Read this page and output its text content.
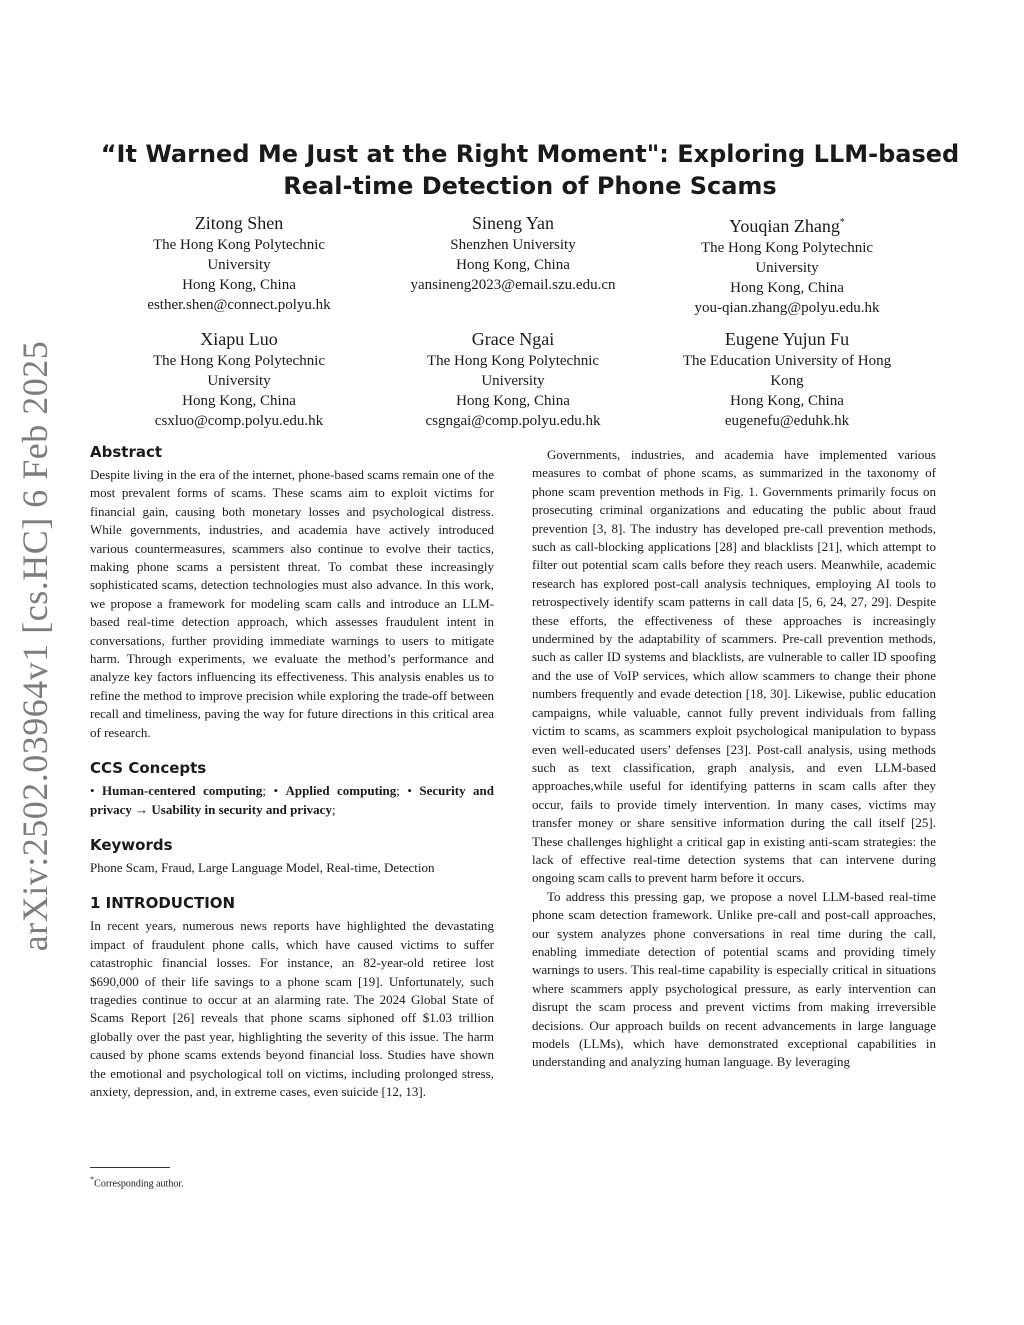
arXiv:2502.03964v1 [cs.HC] 6 Feb 2025
“It Warned Me Just at the Right Moment": Exploring LLM-based
Real-time Detection of Phone Scams
Zitong Shen
The Hong Kong Polytechnic
University
Hong Kong, China
esther.shen@connect.polyu.hk
Sineng Yan
Shenzhen University
Hong Kong, China
yansineng2023@email.szu.edu.cn
Youqian Zhang*
The Hong Kong Polytechnic
University
Hong Kong, China
you-qian.zhang@polyu.edu.hk
Xiapu Luo
The Hong Kong Polytechnic
University
Hong Kong, China
csxluo@comp.polyu.edu.hk
Grace Ngai
The Hong Kong Polytechnic
University
Hong Kong, China
csgngai@comp.polyu.edu.hk
Eugene Yujun Fu
The Education University of Hong
Kong
Hong Kong, China
eugenefu@eduhk.hk
Abstract

Despite living in the era of the internet, phone-based scams remain one of the most prevalent forms of scams. These scams aim to exploit victims for financial gain, causing both monetary losses and psychological distress. While governments, industries, and academia have actively introduced various countermeasures, scammers also continue to evolve their tactics, making phone scams a persistent threat. To combat these increasingly sophisticated scams, detection technologies must also advance. In this work, we propose a framework for modeling scam calls and introduce an LLM-based real-time detection approach, which assesses fraudulent intent in conversations, further providing immediate warnings to users to mitigate harm. Through experiments, we evaluate the method’s performance and analyze key factors influencing its effectiveness. This analysis enables us to refine the method to improve precision while exploring the trade-off between recall and timeliness, paving the way for future directions in this critical area of research.

CCS Concepts

• Human-centered computing; • Applied computing; • Security and privacy → Usability in security and privacy;

Keywords

Phone Scam, Fraud, Large Language Model, Real-time, Detection

1 INTRODUCTION

In recent years, numerous news reports have highlighted the devastating impact of fraudulent phone calls, which have caused victims to suffer catastrophic financial losses. For instance, an 82-year-old retiree lost $690,000 of their life savings to a phone scam [19]. Unfortunately, such tragedies continue to occur at an alarming rate. The 2024 Global State of Scams Report [26] reveals that phone scams siphoned off $1.03 trillion globally over the past year, highlighting the severity of this issue. The harm caused by phone scams extends beyond financial loss. Studies have shown the emotional and psychological toll on victims, including prolonged stress, anxiety, depression, and, in extreme cases, even suicide [12, 13].

Governments, industries, and academia have implemented various measures to combat of phone scams, as summarized in the taxonomy of phone scam prevention methods in Fig. 1. Governments primarily focus on prosecuting criminal organizations and educating the public about fraud prevention [3, 8]. The industry has developed pre-call prevention methods, such as call-blocking applications [28] and blacklists [21], which attempt to filter out potential scam calls before they reach users. Meanwhile, academic research has explored post-call analysis techniques, employing AI tools to retrospectively identify scam patterns in call data [5, 6, 24, 27, 29]. Despite these efforts, the effectiveness of these approaches is increasingly undermined by the adaptability of scammers. Pre-call prevention methods, such as caller ID systems and blacklists, are vulnerable to caller ID spoofing and the use of VoIP services, which allow scammers to change their phone numbers frequently and evade detection [18, 30]. Likewise, public education campaigns, while valuable, cannot fully prevent individuals from falling victim to scams, as scammers exploit psychological manipulation to bypass even well-educated users’ defenses [23]. Post-call analysis, using methods such as text classification, graph analysis, and even LLM-based approaches,while useful for identifying patterns in scam calls after they occur, fails to provide timely intervention. In many cases, victims may transfer money or share sensitive information during the call itself [25]. These challenges highlight a critical gap in existing anti-scam strategies: the lack of effective real-time detection systems that can intervene during ongoing scam calls to prevent harm before it occurs.

To address this pressing gap, we propose a novel LLM-based real-time phone scam detection framework. Unlike pre-call and post-call approaches, our system analyzes phone conversations in real time during the call, enabling immediate detection of potential scams and providing timely warnings to users. This real-time capability is especially critical in situations where scammers apply psychological pressure, as early intervention can disrupt the scam process and prevent victims from making irreversible decisions. Our approach builds on recent advancements in large language models (LLMs), which have demonstrated exceptional capabilities in understanding and analyzing human language. By leveraging

*Corresponding author.
